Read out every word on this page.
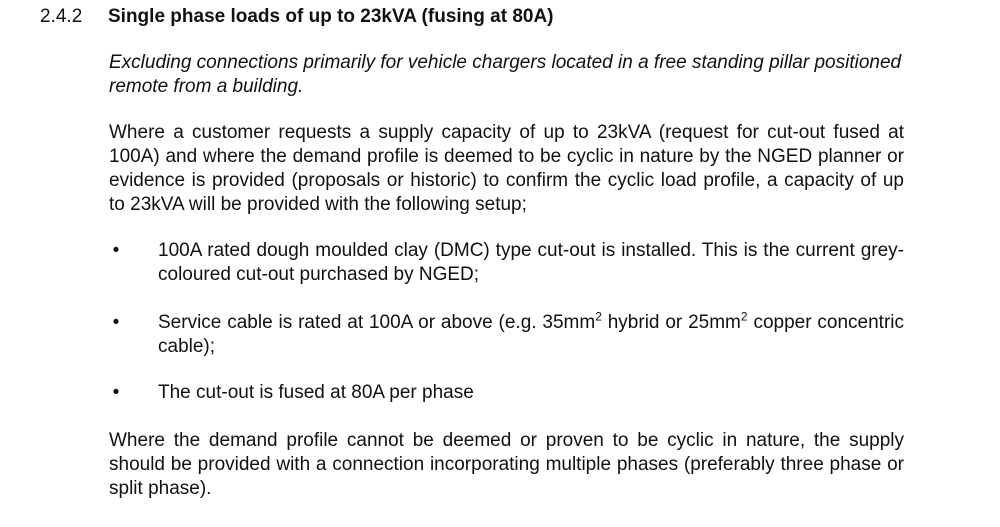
2.4.2 Single phase loads of up to 23kVA (fusing at 80A)

Excluding connections primarily for vehicle chargers located in a free standing pillar positioned remote from a building.

Where a customer requests a supply capacity of up to 23kVA (request for cut-out fused at 100A) and where the demand profile is deemed to be cyclic in nature by the NGED planner or evidence is provided (proposals or historic) to confirm the cyclic load profile, a capacity of up to 23kVA will be provided with the following setup;

• 100A rated dough moulded clay (DMC) type cut-out is installed. This is the current grey-coloured cut-out purchased by NGED;
• Service cable is rated at 100A or above (e.g. $35mm^2$ hybrid or $25mm^2$ copper concentric cable);
• The cut-out is fused at 80A per phase

Where the demand profile cannot be deemed or proven to be cyclic in nature, the supply should be provided with a connection incorporating multiple phases (preferably three phase or split phase).
